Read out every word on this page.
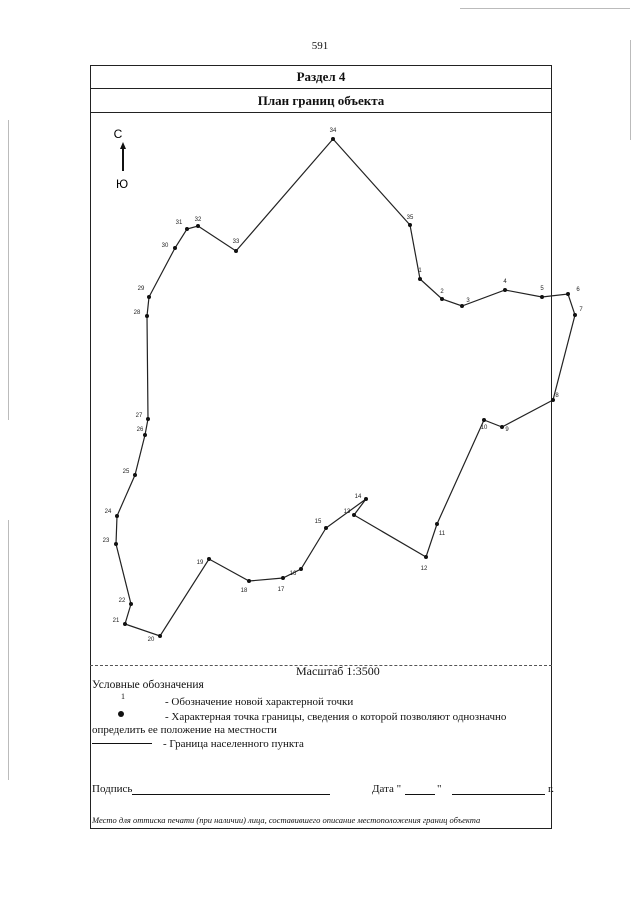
591
Раздел 4
План границ объекта
С
Ю
1
2
3
4
5	6
7
8
9
10
11
12
13
14
15
16
17
18
19
20
21
22
23
24
25
26
27
28
29
30
31 32
33
34
35
Масштаб 1:3500
Условные обозначения
1	- Обозначение новой характерной точки
- Характерная точка границы, сведения о которой позволяют однозначно
определить ее положение на местности
- Граница населенного пункта
Подпись	Дата "	"	г.
Место для оттиска печати (при наличии) лица, составившего описание местоположения границ объекта
